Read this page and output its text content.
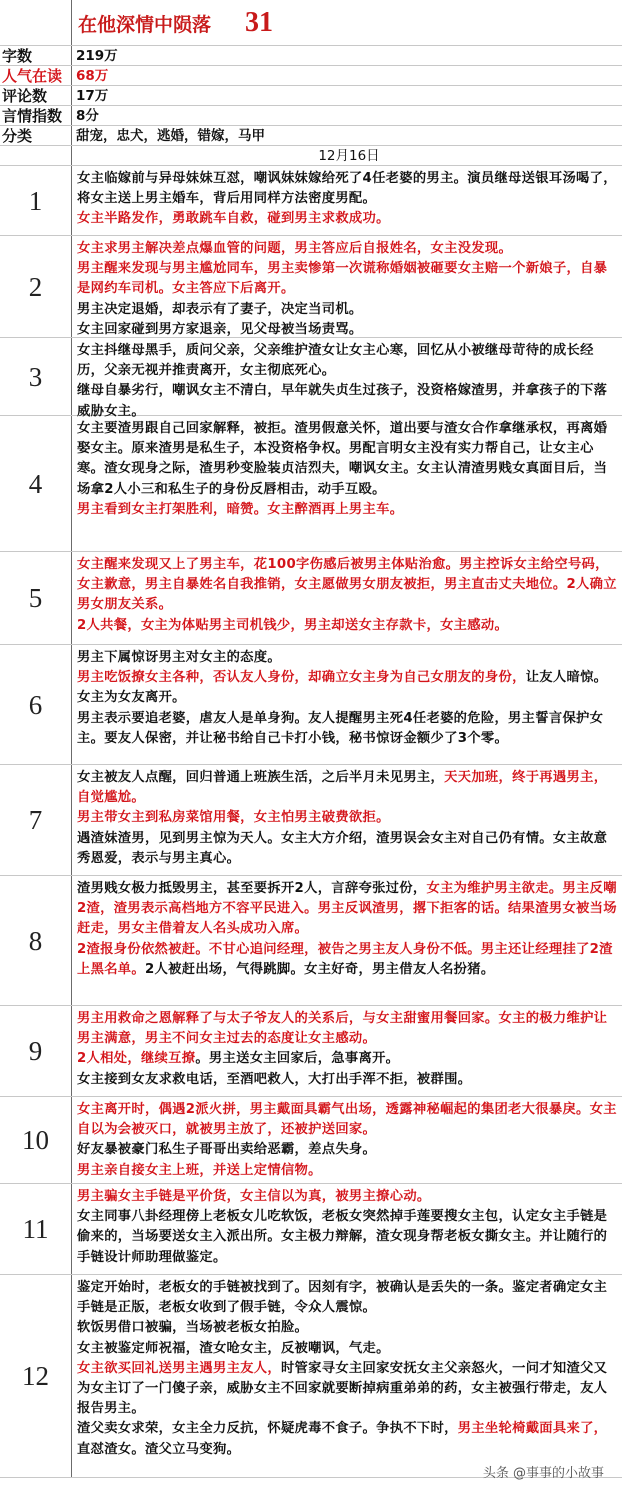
在他深情中陨落 31
字数	219万
人气在读	68万
评论数	17万
言情指数	8分
分类	甜宠，忠犬，逃婚，错嫁，马甲
12月16日
1

女主临嫁前与异母妹妹互怼，嘲讽妹妹嫁给死了4任老婆的男主。演员继母送银耳汤喝了，将女主送上男主婚车，背后用同样方法密度男配。

女主半路发作，勇敢跳车自救，碰到男主求救成功。

2

女主求男主解决差点爆血管的问题，男主答应后自报姓名，女主没发现。

男主醒来发现与男主尴尬同车，男主卖惨第一次谎称婚姻被砸要女主赔一个新娘子，自暴是网约车司机。女主答应下后离开。

男主决定退婚，却表示有了妻子，决定当司机。

女主回家碰到男方家退亲，见父母被当场责骂。

3

女主抖继母黑手，质问父亲，父亲维护渣女让女主心寒，回忆从小被继母苛待的成长经历，父亲无视并推责离开，女主彻底死心。

继母自暴劣行，嘲讽女主不清白，早年就失贞生过孩子，没资格嫁渣男，并拿孩子的下落威胁女主。

4

女主要渣男跟自己回家解释，被拒。渣男假意关怀，道出要与渣女合作拿继承权，再离婚娶女主。原来渣男是私生子，本没资格争权。男配言明女主没有实力帮自己，让女主心寒。渣女现身之际，渣男秒变脸装贞洁烈夫，嘲讽女主。女主认清渣男贱女真面目后，当场拿2人小三和私生子的身份反唇相击，动手互殴。

男主看到女主打架胜利，暗赞。女主醉酒再上男主车。

5

女主醒来发现又上了男主车，花100字伤感后被男主体贴治愈。男主控诉女主给空号码，女主歉意，男主自暴姓名自我推销，女主愿做男女朋友被拒，男主直击丈夫地位。2人确立男女朋友关系。

2人共餐，女主为体贴男主司机钱少，男主却送女主存款卡，女主感动。

6

男主下属惊讶男主对女主的态度。

男主吃饭撩女主各种，否认友人身份，却确立女主身为自己女朋友的身份，让友人暗惊。女主为女友离开。

男主表示要追老婆，虐友人是单身狗。友人提醒男主死4任老婆的危险，男主誓言保护女主。要友人保密，并让秘书给自己卡打小钱，秘书惊讶金额少了3个零。

7

女主被友人点醒，回归普通上班族生活，之后半月未见男主，天天加班，终于再遇男主，自觉尴尬。

男主带女主到私房菜馆用餐，女主怕男主破费欲拒。

遇渣妹渣男，见到男主惊为天人。女主大方介绍，渣男误会女主对自己仍有情。女主故意秀恩爱，表示与男主真心。

8

渣男贱女极力抵毁男主，甚至要拆开2人，言辞夸张过份，女主为维护男主欲走。男主反嘲2渣，渣男表示高档地方不容平民进入。男主反讽渣男，撂下拒客的话。结果渣男女被当场赶走，男女主借着友人名头成功入席。

2渣报身份依然被赶。不甘心追问经理，被告之男主友人身份不低。男主还让经理挂了2渣上黑名单。2人被赶出场，气得跳脚。女主好奇，男主借友人名扮猪。

9

男主用救命之恩解释了与太子爷友人的关系后，与女主甜蜜用餐回家。女主的极力维护让男主满意，男主不问女主过去的态度让女主感动。

2人相处，继续互撩。男主送女主回家后，急事离开。

女主接到女友求救电话，至酒吧救人，大打出手浑不拒，被群围。

10

女主离开时，偶遇2派火拼，男主戴面具霸气出场，透露神秘崛起的集团老大很暴戾。女主自以为会被灭口，就被男主放了，还被护送回家。

好友暴被豪门私生子哥哥出卖给恶霸，差点失身。

男主亲自接女主上班，并送上定情信物。

11

男主骗女主手链是平价货，女主信以为真，被男主撩心动。

女主同事八卦经理傍上老板女儿吃软饭，老板女突然掉手莲要搜女主包，认定女主手链是偷来的，当场要送女主入派出所。女主极力辩解，渣女现身帮老板女撕女主。并让随行的手链设计师助理做鉴定。

12

鉴定开始时，老板女的手链被找到了。因刻有字，被确认是丢失的一条。鉴定者确定女主手链是正版，老板女收到了假手链，令众人震惊。

软饭男借口被骗，当场被老板女拍脸。

女主被鉴定师祝福，渣女呛女主，反被嘲讽，气走。

女主欲买回礼送男主遇男主友人，时管家寻女主回家安抚女主父亲怒火，一问才知渣父又为女主订了一门傻子亲，威胁女主不回家就要断掉病重弟弟的药，女主被强行带走，友人报告男主。

渣父卖女求荣，女主全力反抗，怀疑虎毒不食子。争执不下时，男主坐轮椅戴面具来了，直怼渣女。渣父立马变狗。

头条 @事事的小故事
